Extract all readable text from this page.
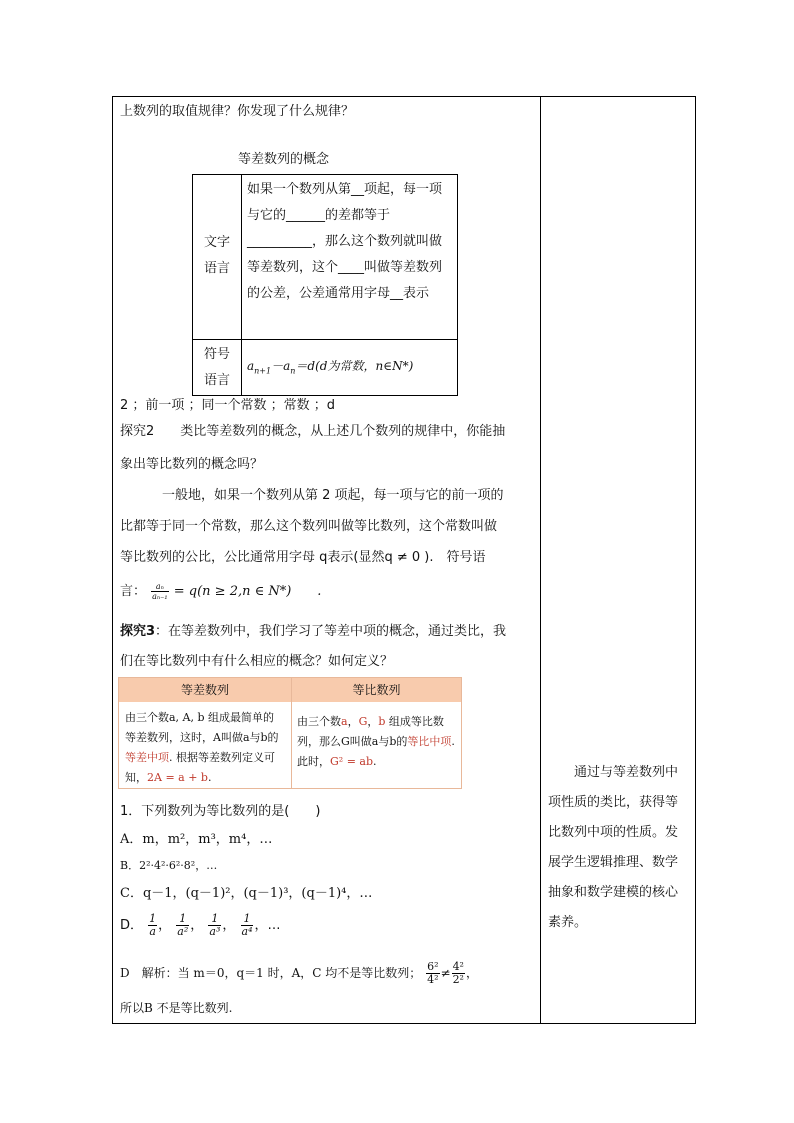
上数列的取值规律？你发现了什么规律？
等差数列的概念
文字
语言
如果一个数列从第__项起，每一项与它的______的差都等于__________，那么这个数列就叫做等差数列，这个____叫做等差数列的公差，公差通常用字母__表示
符号
语言
$a_{n+1}-a_n=d(d$为常数，n∈N*)
2 ；前一项 ；同一个常数 ；常数 ；d
探究2　　类比等差数列的概念，从上述几个数列的规律中，你能抽
象出等比数列的概念吗？
一般地，如果一个数列从第 2 项起，每一项与它的前一项的
比都等于同一个常数，那么这个数列叫做等比数列，这个常数叫做
等比数列的公比，公比通常用字母 q表示(显然q ≠ 0 ).　符号语
言： $\frac{\text{aₙ}}{\text{aₙ₋₁}} = q(n \ge 2,n$ ∈ N*)　　.
探究3：在等差数列中，我们学习了等差中项的概念，通过类比，我
们在等比数列中有什么相应的概念？如何定义？
等差数列	等比数列
由三个数a, A, b 组成最简单的等差数列，这时，A叫做a与b的等差中项. 根据等差数列定义可知，2A = a + b.
由三个数a，G，b 组成等比数列，那么G叫做a与b的等比中项.此时，G² = ab.
1．下列数列为等比数列的是(　　)
A．m，m²，m³，m⁴，…
B．2²·4²·6²·8²，…
C．q－1，(q－1)²，(q－1)³，(q－1)⁴，…
D． $\frac{1}{a}$ ， $\frac{1}{\text{a²}}$ ， $\frac{1}{\text{a³}}$ ， $\frac{1}{\text{a⁴}}$ ，…
D　解析：当 m＝0，q＝1 时，A，C 均不是等比数列； $\frac{\text{6²}}{\text{4²}} \ne \frac{\text{4²}}{\text{2²}}$ ，
所以B 不是等比数列.
通过与等差数列中项性质的类比，获得等比数列中项的性质。发展学生逻辑推理、数学抽象和数学建模的核心素养。
